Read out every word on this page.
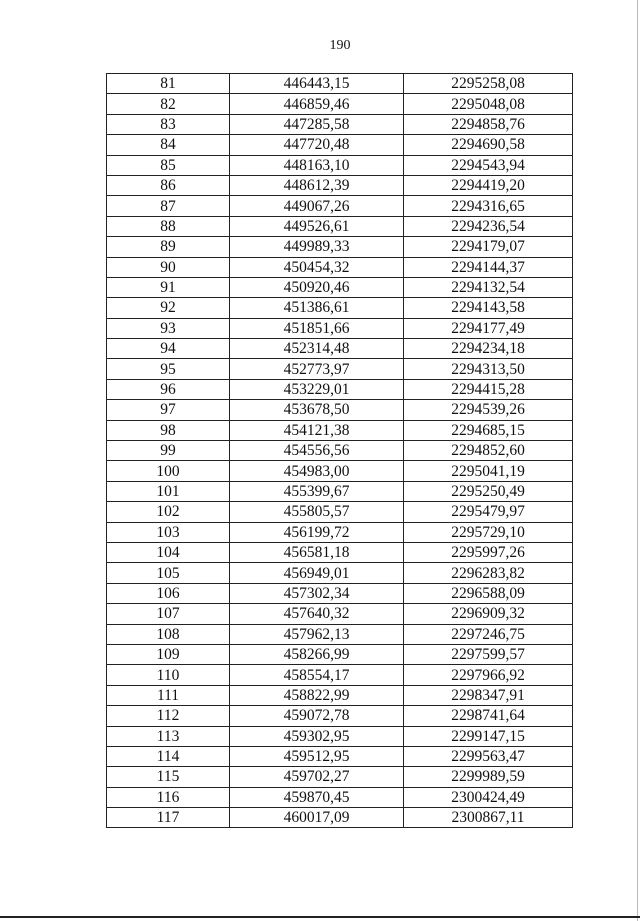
190
81	446443,15	2295258,08
82	446859,46	2295048,08
83	447285,58	2294858,76
84	447720,48	2294690,58
85	448163,10	2294543,94
86	448612,39	2294419,20
87	449067,26	2294316,65
88	449526,61	2294236,54
89	449989,33	2294179,07
90	450454,32	2294144,37
91	450920,46	2294132,54
92	451386,61	2294143,58
93	451851,66	2294177,49
94	452314,48	2294234,18
95	452773,97	2294313,50
96	453229,01	2294415,28
97	453678,50	2294539,26
98	454121,38	2294685,15
99	454556,56	2294852,60
100	454983,00	2295041,19
101	455399,67	2295250,49
102	455805,57	2295479,97
103	456199,72	2295729,10
104	456581,18	2295997,26
105	456949,01	2296283,82
106	457302,34	2296588,09
107	457640,32	2296909,32
108	457962,13	2297246,75
109	458266,99	2297599,57
110	458554,17	2297966,92
111	458822,99	2298347,91
112	459072,78	2298741,64
113	459302,95	2299147,15
114	459512,95	2299563,47
115	459702,27	2299989,59
116	459870,45	2300424,49
117	460017,09	2300867,11
